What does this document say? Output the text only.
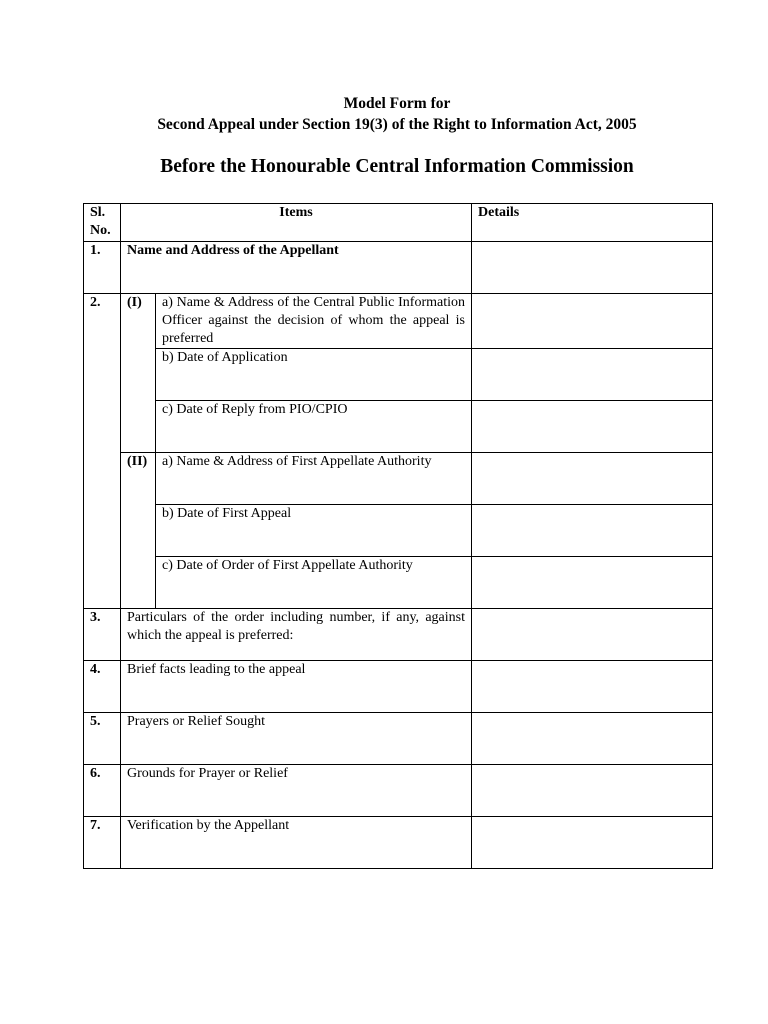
Model Form for
Second Appeal under Section 19(3) of the Right to Information Act, 2005
Before the Honourable Central Information Commission
Sl.
No.	Items		Details
1.	Name and Address of the Appellant		
2.	(I)	a) Name & Address of the Central Public Information Officer against the decision of whom the appeal is preferred	
		b) Date of Application	
		c) Date of Reply from PIO/CPIO	
	(II)	a) Name & Address of First Appellate Authority	
		b) Date of First Appeal	
		c) Date of Order of First Appellate Authority	
3.	Particulars of the order including number, if any, against which the appeal is preferred:		
4.	Brief facts leading to the appeal		
5.	Prayers or Relief Sought		
6.	Grounds for Prayer or Relief		
7.	Verification by the Appellant		
